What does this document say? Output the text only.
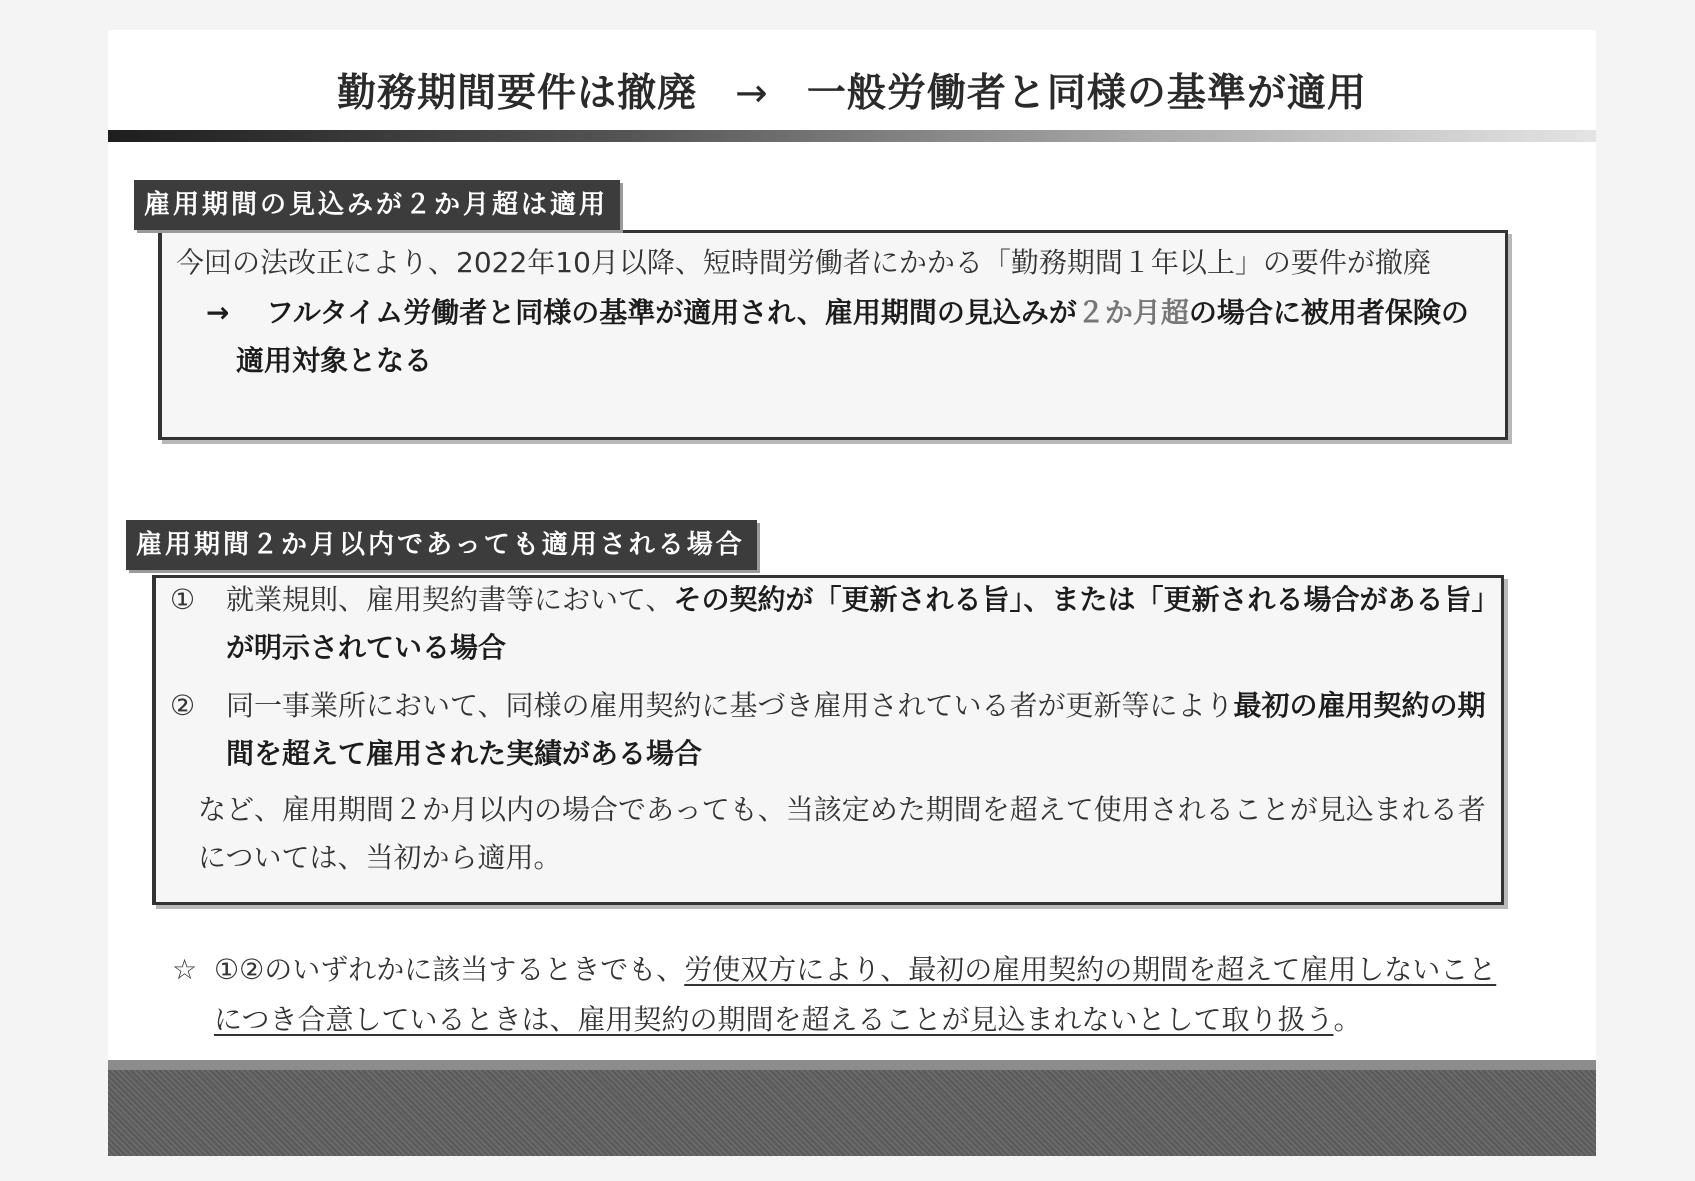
勤務期間要件は撤廃 → 一般労働者と同様の基準が適用

今回の法改正により、2022年10月以降、短時間労働者にかかる「勤務期間１年以上」の要件が撤廃

→ フルタイム労働者と同様の基準が適用され、雇用期間の見込みが２か月超の場合に被用者保険の適用対象となる

雇用期間の見込みが２か月超は適用

① 就業規則、雇用契約書等において、その契約が「更新される旨」、または「更新される場合がある旨」が明示されている場合

② 同一事業所において、同様の雇用契約に基づき雇用されている者が更新等により最初の雇用契約の期間を超えて雇用された実績がある場合

など、雇用期間２か月以内の場合であっても、当該定めた期間を超えて使用されることが見込まれる者については、当初から適用。

雇用期間２か月以内であっても適用される場合
☆ ①②のいずれかに該当するときでも、労使双方により、最初の雇用契約の期間を超えて雇用しないことにつき合意しているときは、雇用契約の期間を超えることが見込まれないとして取り扱う。
